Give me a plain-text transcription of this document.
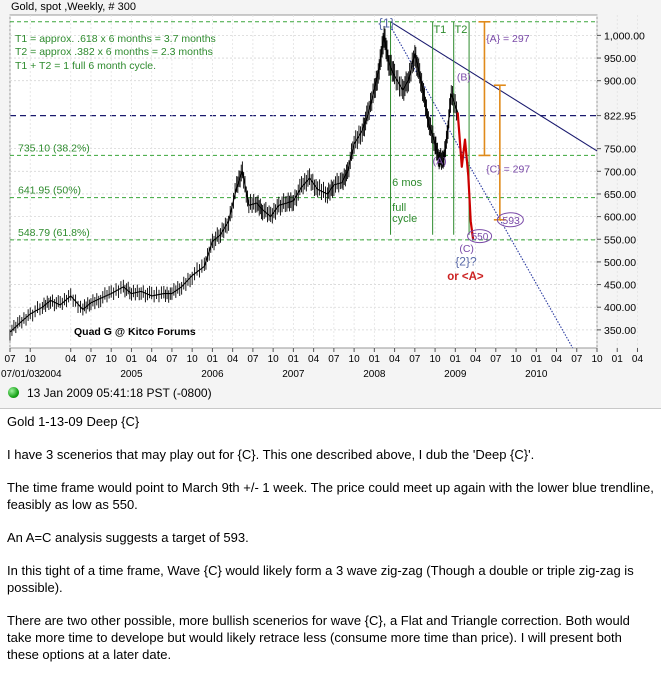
Gold, spot ,Weekly, # 300
735.10 (38.2%)
641.95 (50%)
548.79 (61.8%)
{1}	T1 T2
(A)
(B)
6 mos
full
cycle
{A} = 297
{C} = 297
593
550
(C)
{2}?
or <A>
1,000.00
950.00
900.00
822.95
750.00
700.00
650.00
600.00
550.00
500.00
450.00
400.00
350.00
07 10	04 07 10 01 04 07 10 01 04 07 10 01 04 07 10 01 04 07 10 01 04 07 10 01 04 07 10 01 04
07/01/03 2004	2005	2006	2007	2008	2009	2010
T1 = approx. .618 x 6 months = 3.7 months
T2 = approx .382 x 6 months = 2.3 months
T1 + T2 = 1 full 6 month cycle.
Quad G @ Kitco Forums
13 Jan 2009 05:41:18 PST (-0800)

Gold 1-13-09 Deep {C}

I have 3 scenerios that may play out for {C}. This one described above, I dub the 'Deep {C}'.

The time frame would point to March 9th +/- 1 week. The price could meet up again with the lower blue trendline, feasibly as low as 550.

An A=C analysis suggests a target of 593.

In this tight of a time frame, Wave {C} would likely form a 3 wave zig-zag (Though a double or triple zig-zag is possible).

There are two other possible, more bullish scenerios for wave {C}, a Flat and Triangle correction. Both would take more time to develope but would likely retrace less (consume more time than price). I will present both these options at a later date.
